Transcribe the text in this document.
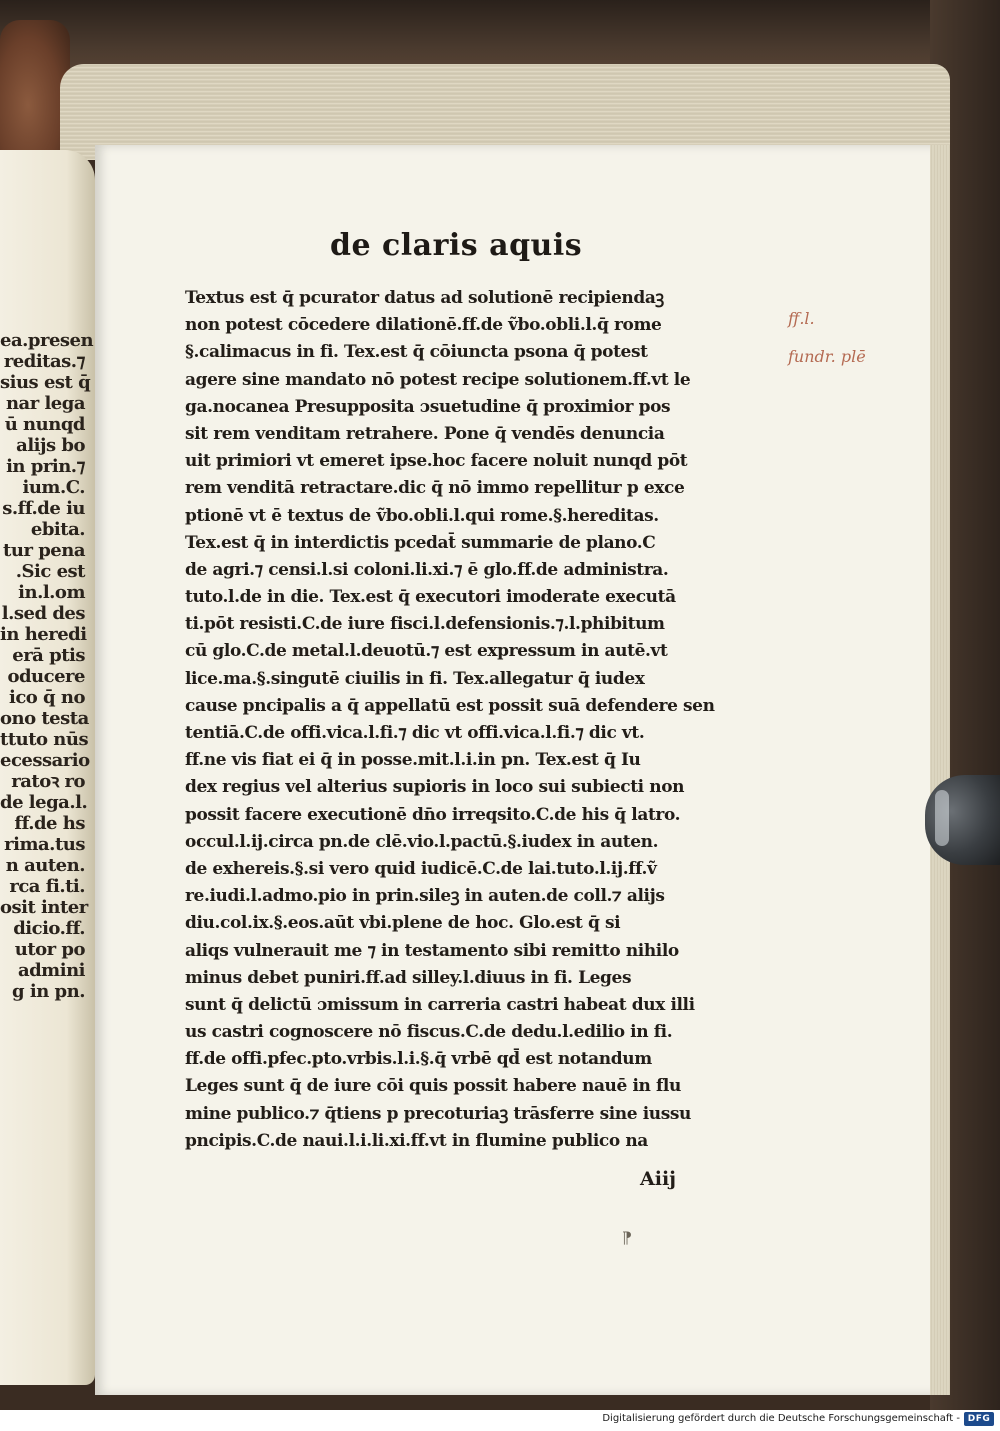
ea.presen
reditas.⁊
sius est q̄
nar lega
ū nunqd
alijs bo
in prin.⁊
ium.C.
s.ff.de iu
ebita.
tur pena
.Sic est
in.l.om
l.sed des
in heredi
erā ptis
oducere
ico q̄ no
ono testa
ttuto nūs
ecessario
ratoꝛ ro
de lega.l.
ff.de hs
rima.tus
n auten.
rca fi.ti.
osit inter
dicio.ff.
utor po
admini
g in pn.
de claris aquis
Textus est q̄ pcurator datus ad solutionē recipiendaꝫ
non potest cōcedere dilationē.ff.de ṽbo.obli.l.q̄ rome
§.calimacus in fi. Tex.est q̄ cōiuncta psona q̄ potest
agere sine mandato nō potest recipe solutionem.ff.vt le
ga.nocanea Presupposita ɔsuetudine q̄ proximior pos
sit rem venditam retrahere. Pone q̄ vendēs denuncia
uit primiori vt emeret ipse.hoc facere noluit nunqd pōt
rem venditā retractare.dic q̄ nō immo repellitur p exce
ptionē vt ē textus de ṽbo.obli.l.qui rome.§.hereditas.
Tex.est q̄ in interdictis pcedat̄ summarie de plano.C
de agri.⁊ censi.l.si coloni.li.xi.⁊ ē glo.ff.de administra.
tuto.l.de in die. Tex.est q̄ executori imoderate executā
ti.pōt resisti.C.de iure fisci.l.defensionis.⁊.l.phibitum
cū glo.C.de metal.l.deuotū.⁊ est expressum in autē.vt
lice.ma.§.singutē ciuilis in fi. Tex.allegatur q̄ iudex
cause pncipalis a q̄ appellatū est possit suā defendere sen
tentiā.C.de offi.vica.l.fi.⁊ dic vt offi.vica.l.fi.⁊ dic vt.
ff.ne vis fiat ei q̄ in posse.mit.l.i.in pn. Tex.est q̄ Iu
dex regius vel alterius supioris in loco sui subiecti non
possit facere executionē dn̄o irreqsito.C.de his q̄ latro.
occul.l.ij.circa pn.de clē.vio.l.pactū.§.iudex in auten.
de exhereis.§.si vero quid iudicē.C.de lai.tuto.l.ij.ff.ṽ
re.iudi.l.admo.pio in prin.sileꝫ in auten.de coll.⁊ alijs
diu.col.ix.§.eos.aūt vbi.plene de hoc. Glo.est q̄ si
aliqs vulnerauit me ⁊ in testamento sibi remitto nihilo
minus debet puniri.ff.ad silley.l.diuus in fi. Leges
sunt q̄ delictū ɔmissum in carreria castri habeat dux illi
us castri cognoscere nō fiscus.C.de dedu.l.edilio in fi.
ff.de offi.pfec.pto.vrbis.l.i.§.q̄ vrbē qd̄ est notandum
Leges sunt q̄ de iure cōi quis possit habere nauē in flu
mine publico.⁊ q̄tiens p precoturiaꝫ trāsferre sine iussu
pncipis.C.de naui.l.i.li.xi.ff.vt in flumine publico na
Aiij
ff.l.
fundr. plē
⁋
Digitalisierung gefördert durch die Deutsche Forschungsgemeinschaft - DFG
